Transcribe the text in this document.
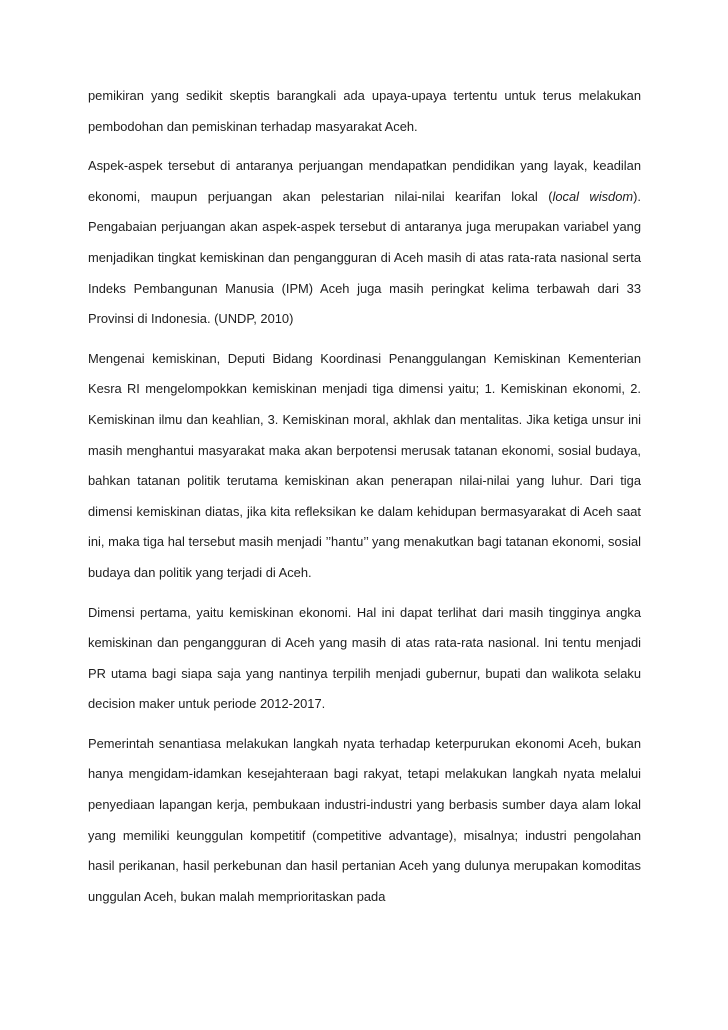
pemikiran yang sedikit skeptis barangkali ada upaya-upaya tertentu untuk terus melakukan pembodohan dan pemiskinan terhadap masyarakat Aceh.

Aspek-aspek tersebut di antaranya perjuangan mendapatkan pendidikan yang layak, keadilan ekonomi, maupun perjuangan akan pelestarian nilai-nilai kearifan lokal (local wisdom). Pengabaian perjuangan akan aspek-aspek tersebut di antaranya juga merupakan variabel yang menjadikan tingkat kemiskinan dan pengangguran di Aceh masih di atas rata-rata nasional serta Indeks Pembangunan Manusia (IPM) Aceh juga masih peringkat kelima terbawah dari 33 Provinsi di Indonesia. (UNDP, 2010)

Mengenai kemiskinan, Deputi Bidang Koordinasi Penanggulangan Kemiskinan Kementerian Kesra RI mengelompokkan kemiskinan menjadi tiga dimensi yaitu; 1. Kemiskinan ekonomi, 2. Kemiskinan ilmu dan keahlian, 3. Kemiskinan moral, akhlak dan mentalitas. Jika ketiga unsur ini masih menghantui masyarakat maka akan berpotensi merusak tatanan ekonomi, sosial budaya, bahkan tatanan politik terutama kemiskinan akan penerapan nilai-nilai yang luhur. Dari tiga dimensi kemiskinan diatas, jika kita refleksikan ke dalam kehidupan bermasyarakat di Aceh saat ini, maka tiga hal tersebut masih menjadi ’’hantu’’ yang menakutkan bagi tatanan ekonomi, sosial budaya dan politik yang terjadi di Aceh.

Dimensi pertama, yaitu kemiskinan ekonomi. Hal ini dapat terlihat dari masih tingginya angka kemiskinan dan pengangguran di Aceh yang masih di atas rata-rata nasional. Ini tentu menjadi PR utama bagi siapa saja yang nantinya terpilih menjadi gubernur, bupati dan walikota selaku decision maker untuk periode 2012-2017.

Pemerintah senantiasa melakukan langkah nyata terhadap keterpurukan ekonomi Aceh, bukan hanya mengidam-idamkan kesejahteraan bagi rakyat, tetapi melakukan langkah nyata melalui penyediaan lapangan kerja, pembukaan industri-industri yang berbasis sumber daya alam lokal yang memiliki keunggulan kompetitif (competitive advantage), misalnya; industri pengolahan hasil perikanan, hasil perkebunan dan hasil pertanian Aceh yang dulunya merupakan komoditas unggulan Aceh, bukan malah memprioritaskan pada
